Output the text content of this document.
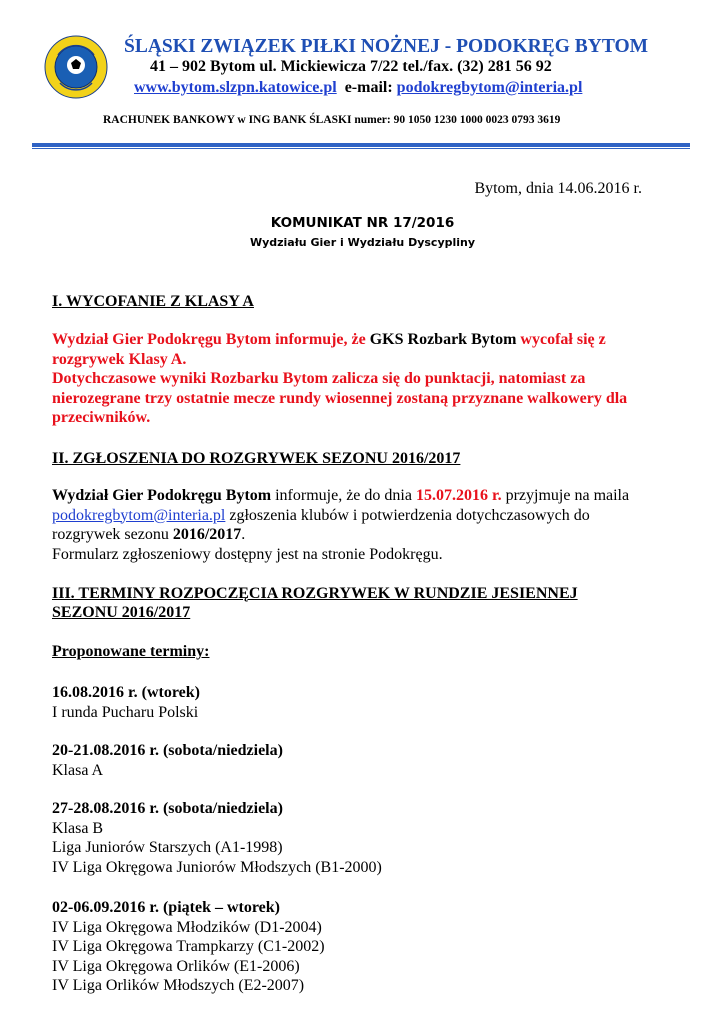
ŚLĄSKI ZWIĄZEK PIŁKI NOŻNEJ - PODOKRĘG BYTOM
41 – 902 Bytom ul. Mickiewicza 7/22 tel./fax. (32) 281 56 92
www.bytom.slzpn.katowice.pl e-mail: podokregbytom@interia.pl
RACHUNEK BANKOWY w ING BANK ŚLASKI numer: 90 1050 1230 1000 0023 0793 3619
Bytom, dnia 14.06.2016 r.
KOMUNIKAT NR 17/2016
Wydziału Gier i Wydziału Dyscypliny
I. WYCOFANIE Z KLASY A
Wydział Gier Podokręgu Bytom informuje, że GKS Rozbark Bytom wycofał się z
rozgrywek Klasy A.
Dotychczasowe wyniki Rozbarku Bytom zalicza się do punktacji, natomiast za
nierozegrane trzy ostatnie mecze rundy wiosennej zostaną przyznane walkowery dla
przeciwników.
II. ZGŁOSZENIA DO ROZGRYWEK SEZONU 2016/2017
Wydział Gier Podokręgu Bytom informuje, że do dnia 15.07.2016 r. przyjmuje na maila
podokregbytom@interia.pl zgłoszenia klubów i potwierdzenia dotychczasowych do
rozgrywek sezonu 2016/2017.
Formularz zgłoszeniowy dostępny jest na stronie Podokręgu.
III. TERMINY ROZPOCZĘCIA ROZGRYWEK W RUNDZIE JESIENNEJ
SEZONU 2016/2017
Proponowane terminy:
16.08.2016 r. (wtorek)
I runda Pucharu Polski
20-21.08.2016 r. (sobota/niedziela)
Klasa A
27-28.08.2016 r. (sobota/niedziela)
Klasa B
Liga Juniorów Starszych (A1-1998)
IV Liga Okręgowa Juniorów Młodszych (B1-2000)
02-06.09.2016 r. (piątek – wtorek)
IV Liga Okręgowa Młodzików (D1-2004)
IV Liga Okręgowa Trampkarzy (C1-2002)
IV Liga Okręgowa Orlików (E1-2006)
IV Liga Orlików Młodszych (E2-2007)
